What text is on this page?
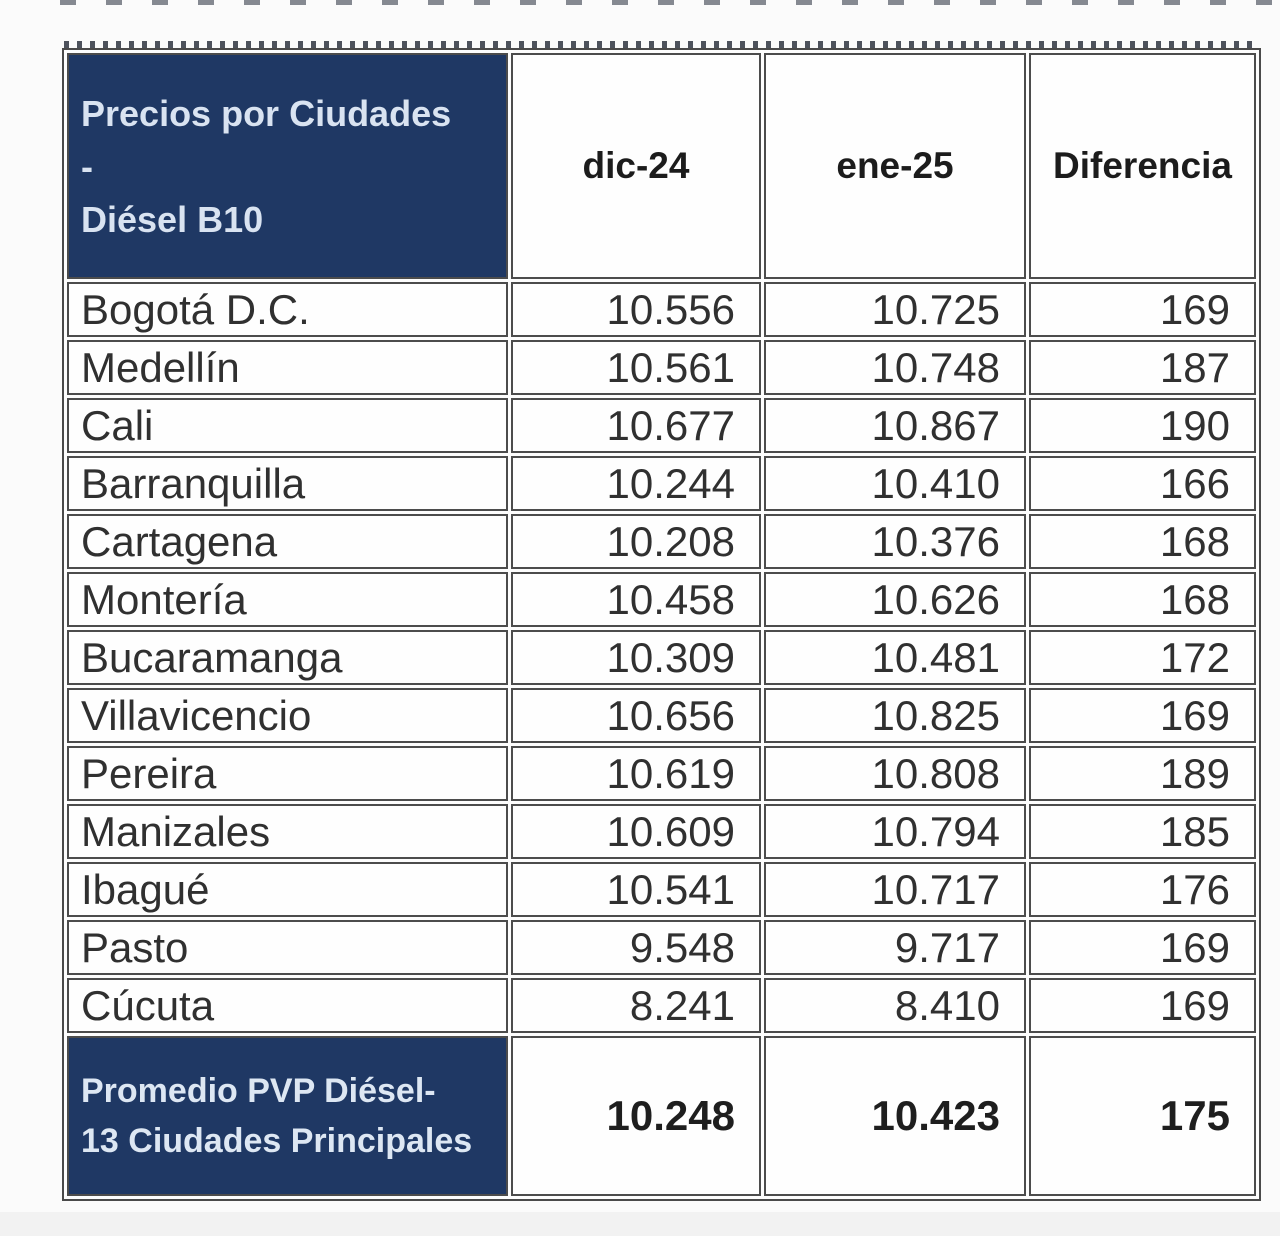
Precios por Ciudades
-
Diésel B10	dic-24	ene-25	Diferencia
Bogotá D.C.	10.556	10.725	169
Medellín	10.561	10.748	187
Cali	10.677	10.867	190
Barranquilla	10.244	10.410	166
Cartagena	10.208	10.376	168
Montería	10.458	10.626	168
Bucaramanga	10.309	10.481	172
Villavicencio	10.656	10.825	169
Pereira	10.619	10.808	189
Manizales	10.609	10.794	185
Ibagué	10.541	10.717	176
Pasto	9.548	9.717	169
Cúcuta	8.241	8.410	169

Promedio PVP Diésel-
13 Ciudades Principales	10.248	10.423	175
